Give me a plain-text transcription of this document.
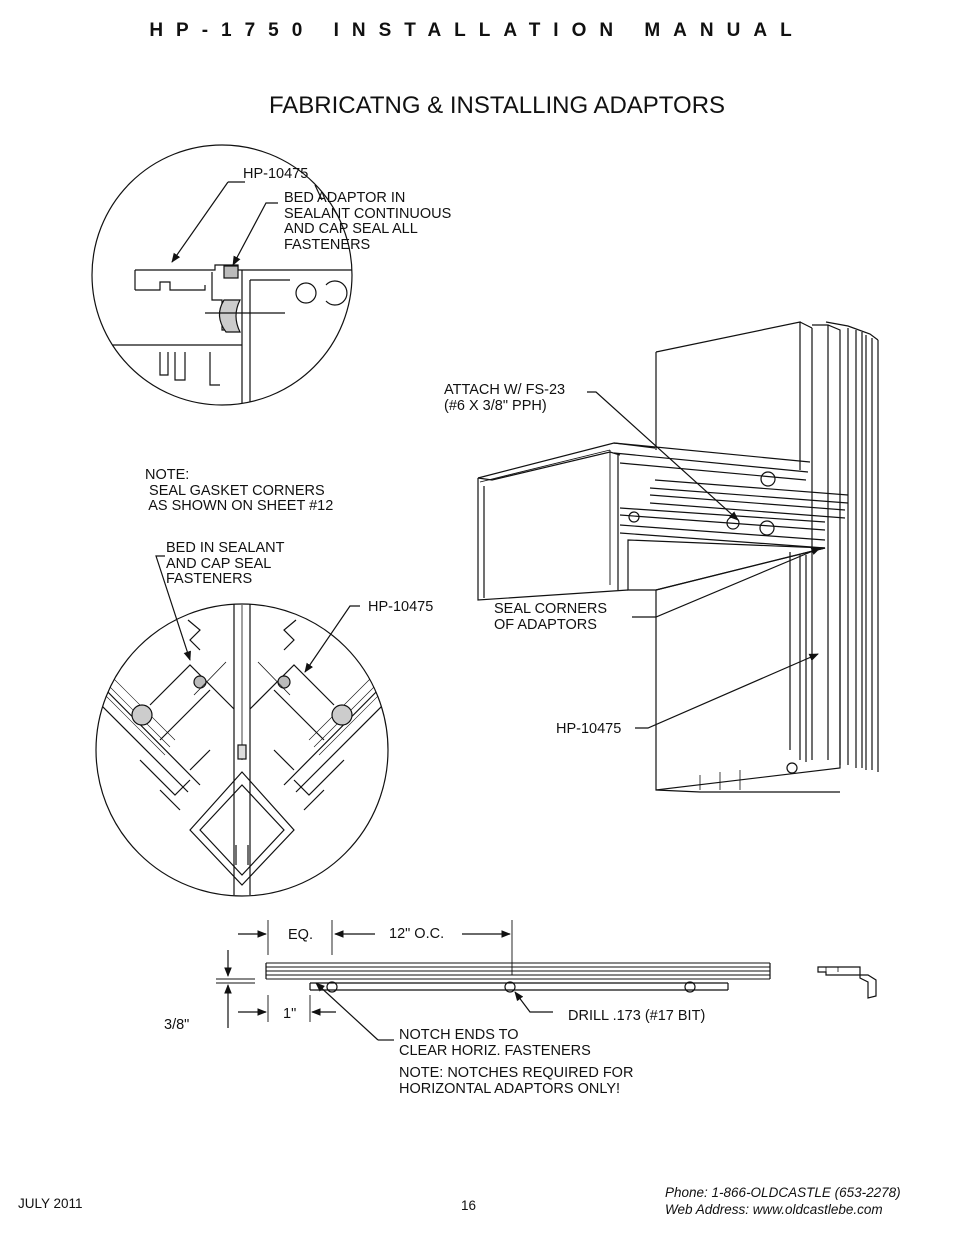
HP-1750 INSTALLATION MANUAL
FABRICATNG & INSTALLING ADAPTORS
HP-10475
BED ADAPTOR IN
SEALANT CONTINUOUS
AND CAP SEAL ALL
FASTENERS
ATTACH W/ FS-23
(#6 X 3/8" PPH)
NOTE:
SEAL GASKET CORNERS
AS SHOWN ON SHEET #12
BED IN SEALANT
AND CAP SEAL
FASTENERS
HP-10475	SEAL CORNERS
OF ADAPTORS
HP-10475
EQ.	12" O.C.
1"
3/8"
DRILL .173 (#17 BIT)
NOTCH ENDS TO
CLEAR HORIZ. FASTENERS
NOTE: NOTCHES REQUIRED FOR
HORIZONTAL ADAPTORS ONLY!
JULY 2011	16
Phone: 1-866-OLDCASTLE (653-2278)
Web Address: www.oldcastlebe.com
